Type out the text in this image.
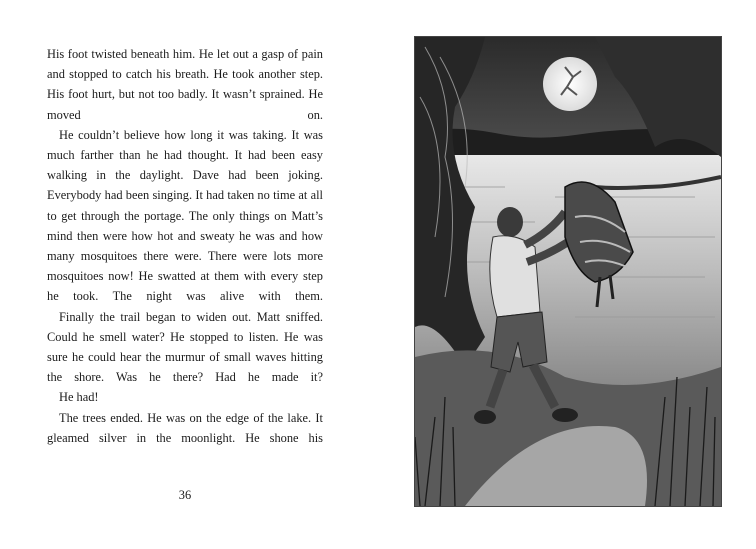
His foot twisted beneath him. He let out a gasp of pain and stopped to catch his breath. He took another step. His foot hurt, but not too badly. It wasn’t sprained. He moved on.

He couldn’t believe how long it was taking. It was much farther than he had thought. It had been easy walking in the daylight. Dave had been joking. Everybody had been singing. It had taken no time at all to get through the portage. The only things on Matt’s mind then were how hot and sweaty he was and how many mosquitoes there were. There were lots more mosquitoes now! He swatted at them with every step he took. The night was alive with them.

Finally the trail began to widen out. Matt sniffed. Could he smell water? He stopped to listen. He was sure he could hear the murmur of small waves hitting the shore. Was he there? Had he made it?

He had!

The trees ended. He was on the edge of the lake. It gleamed silver in the moonlight. He shone his

36
